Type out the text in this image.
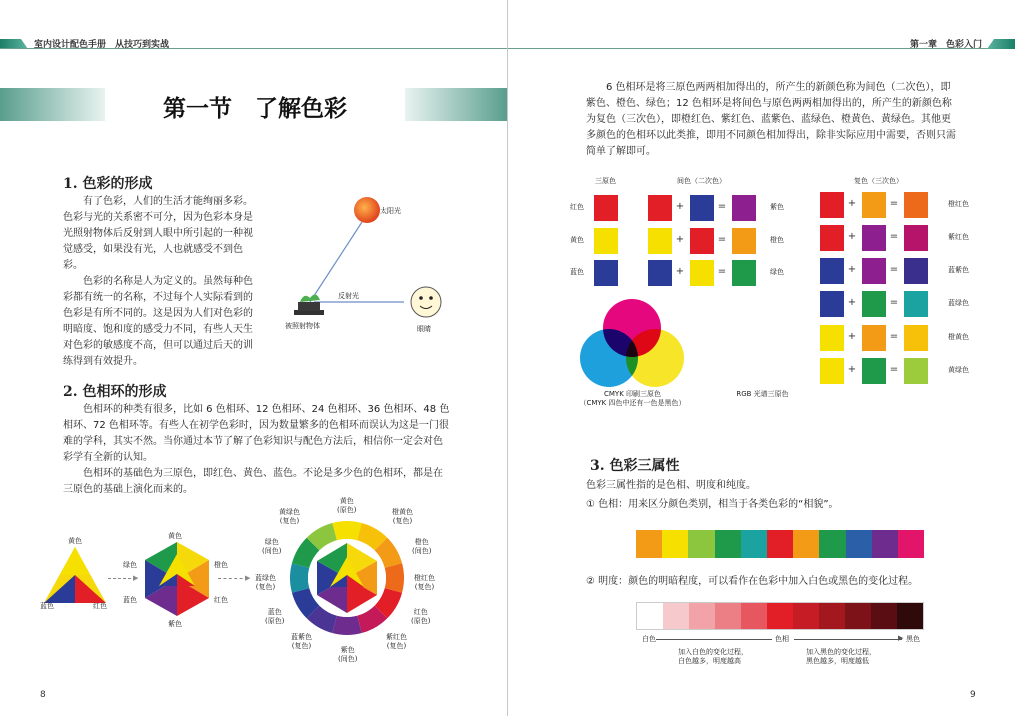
室内设计配色手册　从技巧到实战
第一节　了解色彩
1. 色彩的形成

有了色彩，人们的生活才能绚丽多彩。色彩与光的关系密不可分，因为色彩本身是光照射物体后反射到人眼中所引起的一种视觉感受，如果没有光，人也就感受不到色彩。

色彩的名称是人为定义的。虽然每种色彩都有统一的名称，不过每个人实际看到的色彩是有所不同的。这是因为人们对色彩的明暗度、饱和度的感受力不同，有些人天生对色彩的敏感度不高，但可以通过后天的训练得到有效提升。

太阳光
反射光
被照射物体	眼睛
2. 色相环的形成

色相环的种类有很多，比如 6 色相环、12 色相环、24 色相环、36 色相环、48 色相环、72 色相环等。有些人在初学色彩时，因为数量繁多的色相环而误认为这是一门很难的学科，其实不然。当你通过本节了解了色彩知识与配色方法后，相信你一定会对色彩学有全新的认知。

色相环的基础色为三原色，即红色、黄色、蓝色。不论是多少色的色相环，都是在三原色的基础上演化而来的。

黄色
蓝色	红色
▶
黄色
绿色	橙色
蓝色	红色
紫色
▶
黄色
(原色)
黄绿色
(复色)
橙黄色
(复色)
绿色
(间色)
橙色
(间色)
蓝绿色
(复色)
橙红色
(复色)
蓝色
(原色)
红色
(原色)
蓝紫色
(复色)
紫红色
(复色)
紫色
(间色)
8
第一章　色彩入门

6 色相环是将三原色两两相加得出的，所产生的新颜色称为间色（二次色），即紫色、橙色、绿色；12 色相环是将间色与原色两两相加得出的，所产生的新颜色称为复色（三次色），即橙红色、紫红色、蓝紫色、蓝绿色、橙黄色、黄绿色。其他更多颜色的色相环以此类推，即用不同颜色相加得出，除非实际应用中需要，否则只需简单了解即可。

三原色	间色（二次色）	复色（三次色）
红色	+	=	紫色
黄色	+	=	橙色
蓝色	+	=	绿色
+	=	橙红色
+	=	紫红色
+	=	蓝紫色
+	=	蓝绿色
+	=	橙黄色
+	=	黄绿色
CMYK 印刷三原色
（CMYK 四色中还有一色是黑色）
RGB 光谱三原色
3. 色彩三属性
色彩三属性指的是色相、明度和纯度。
① 色相：用来区分颜色类别，相当于各类色彩的“相貌”。
② 明度：颜色的明暗程度，可以看作在色彩中加入白色或黑色的变化过程。
白色	色相	黑色
▶
加入白色的变化过程，
白色越多，明度越高
加入黑色的变化过程，
黑色越多，明度越低
9
